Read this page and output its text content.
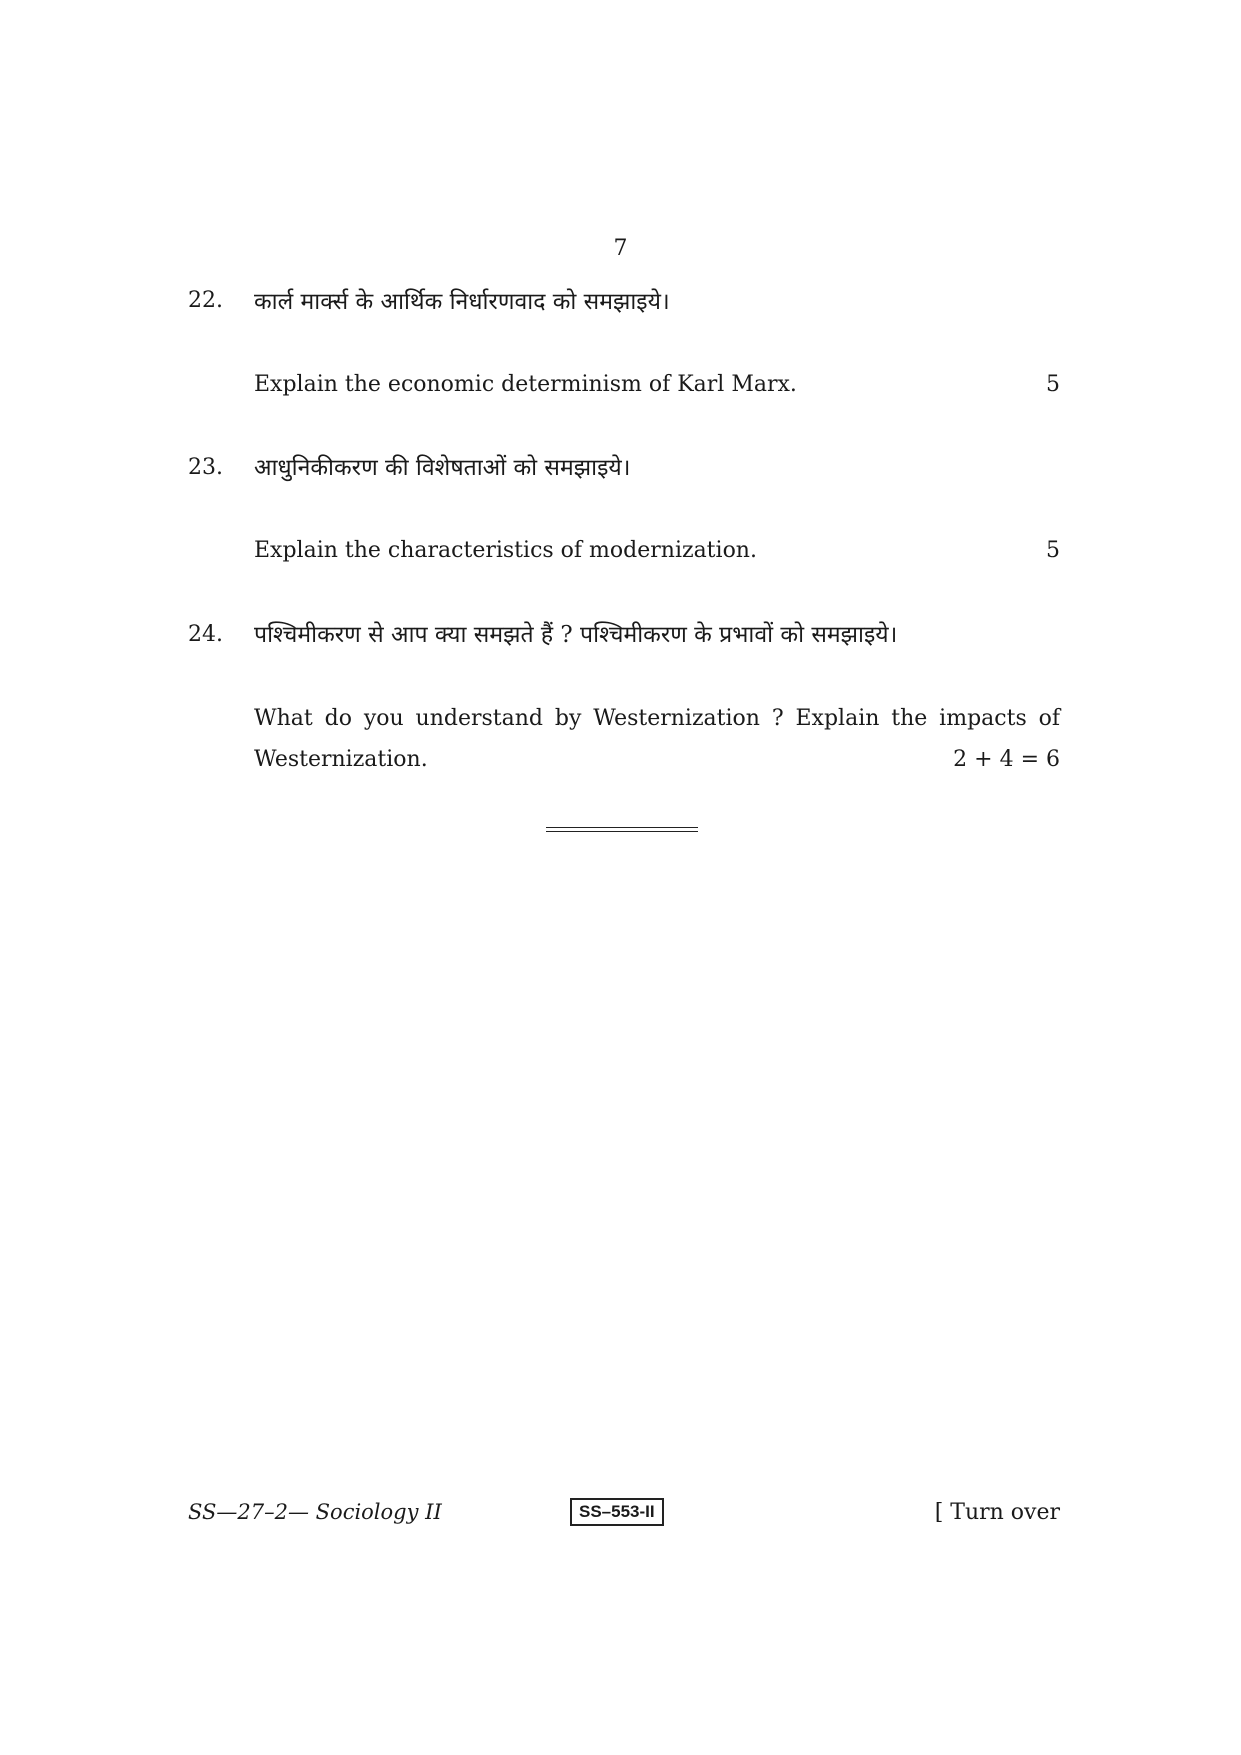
7
22. कार्ल मार्क्स के आर्थिक निर्धारणवाद को समझाइये।
Explain the economic determinism of Karl Marx.	5
23. आधुनिकीकरण की विशेषताओं को समझाइये।
Explain the characteristics of modernization.	5
24. पश्चिमीकरण से आप क्या समझते हैं ? पश्चिमीकरण के प्रभावों को समझाइये।
What do you understand by Westernization ? Explain the impacts of
Westernization.	2 + 4 = 6
SS—27–2— Sociology II	SS–553-II	[ Turn over
